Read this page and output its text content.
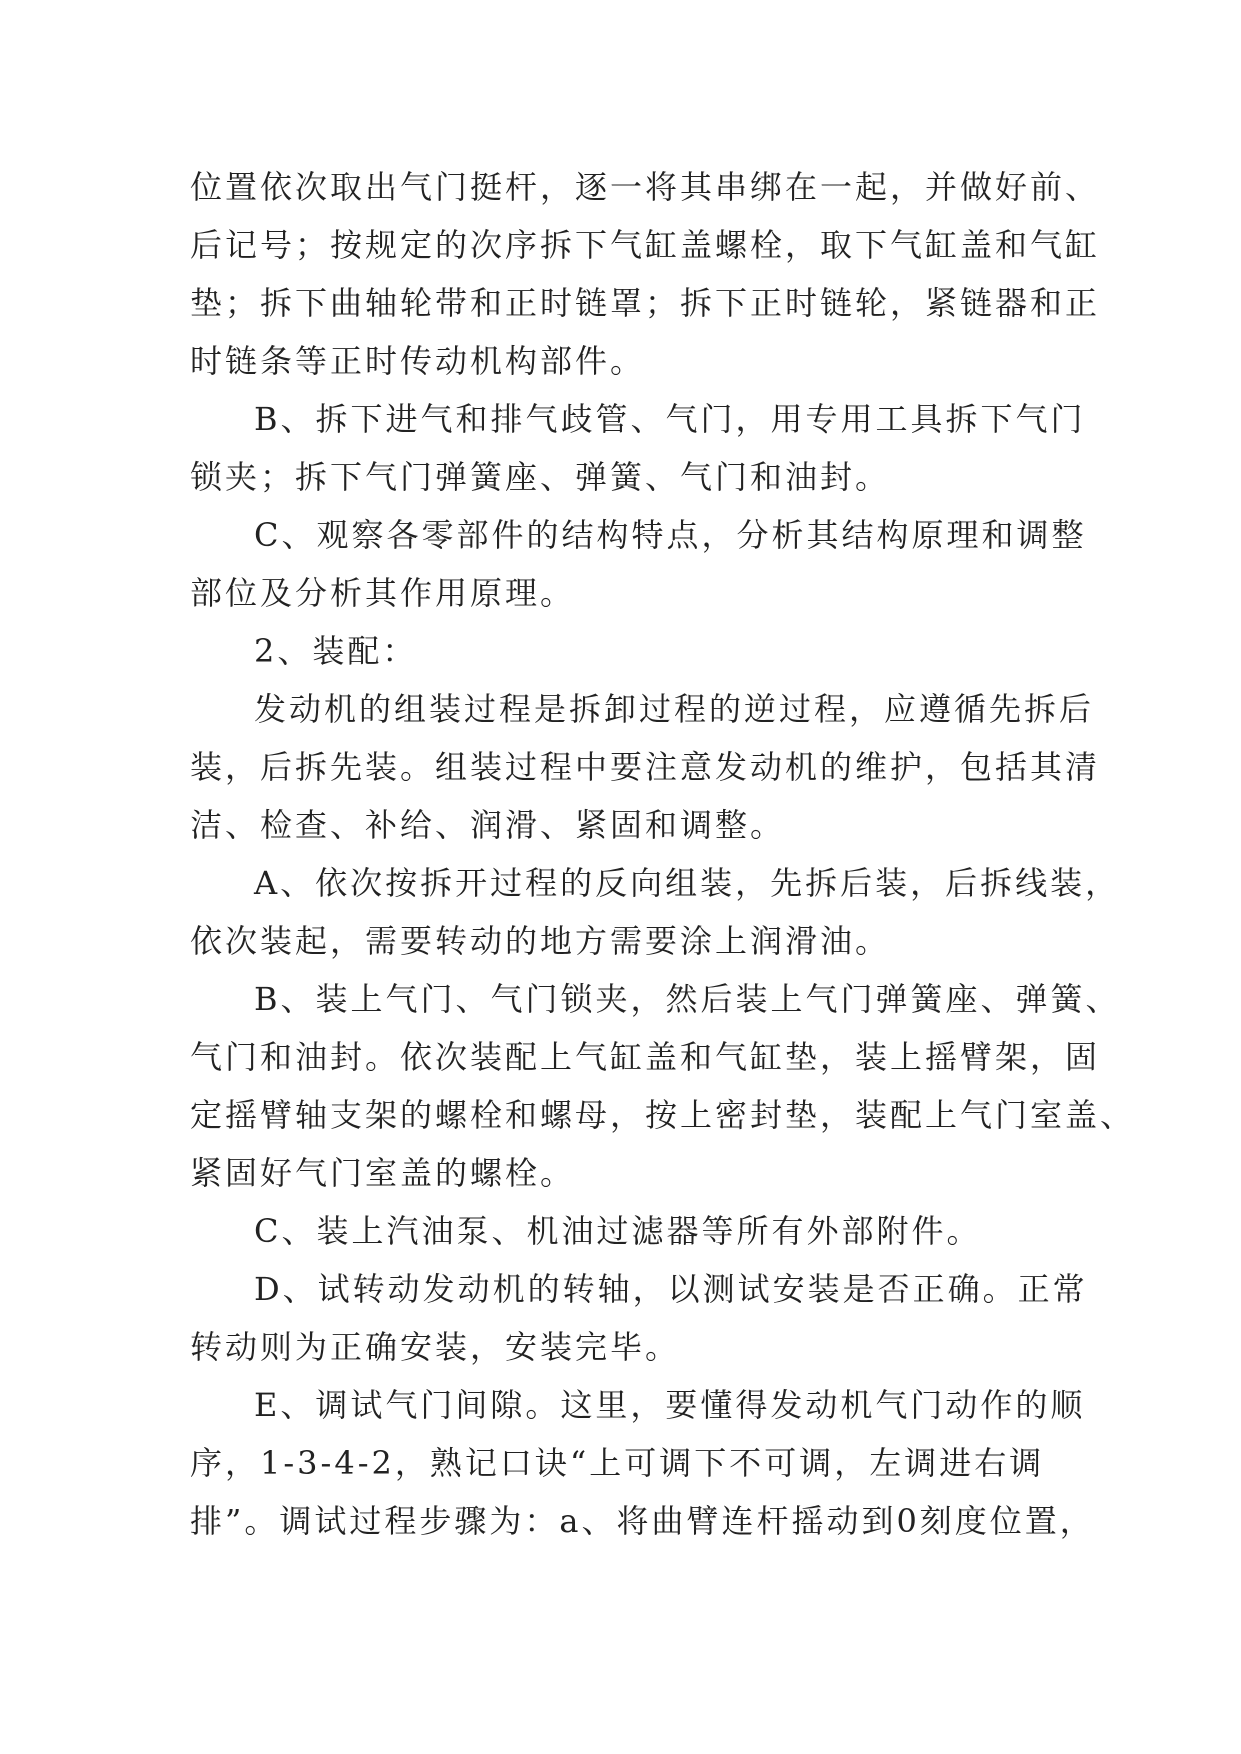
位置依次取出气门挺杆，逐一将其串绑在一起，并做好前、
后记号；按规定的次序拆下气缸盖螺栓，取下气缸盖和气缸
垫；拆下曲轴轮带和正时链罩；拆下正时链轮，紧链器和正
时链条等正时传动机构部件。
B、拆下进气和排气歧管、气门，用专用工具拆下气门
锁夹；拆下气门弹簧座、弹簧、气门和油封。
C、观察各零部件的结构特点，分析其结构原理和调整
部位及分析其作用原理。
2、装配：
发动机的组装过程是拆卸过程的逆过程，应遵循先拆后
装，后拆先装。组装过程中要注意发动机的维护，包括其清
洁、检查、补给、润滑、紧固和调整。
A、依次按拆开过程的反向组装，先拆后装，后拆线装，
依次装起，需要转动的地方需要涂上润滑油。
B、装上气门、气门锁夹，然后装上气门弹簧座、弹簧、
气门和油封。依次装配上气缸盖和气缸垫，装上摇臂架，固
定摇臂轴支架的螺栓和螺母，按上密封垫，装配上气门室盖、
紧固好气门室盖的螺栓。
C、装上汽油泵、机油过滤器等所有外部附件。
D、试转动发动机的转轴，以测试安装是否正确。正常
转动则为正确安装，安装完毕。
E、调试气门间隙。这里，要懂得发动机气门动作的顺
序，1-3-4-2，熟记口诀“上可调下不可调，左调进右调
排”。调试过程步骤为：a、将曲臂连杆摇动到0刻度位置，
